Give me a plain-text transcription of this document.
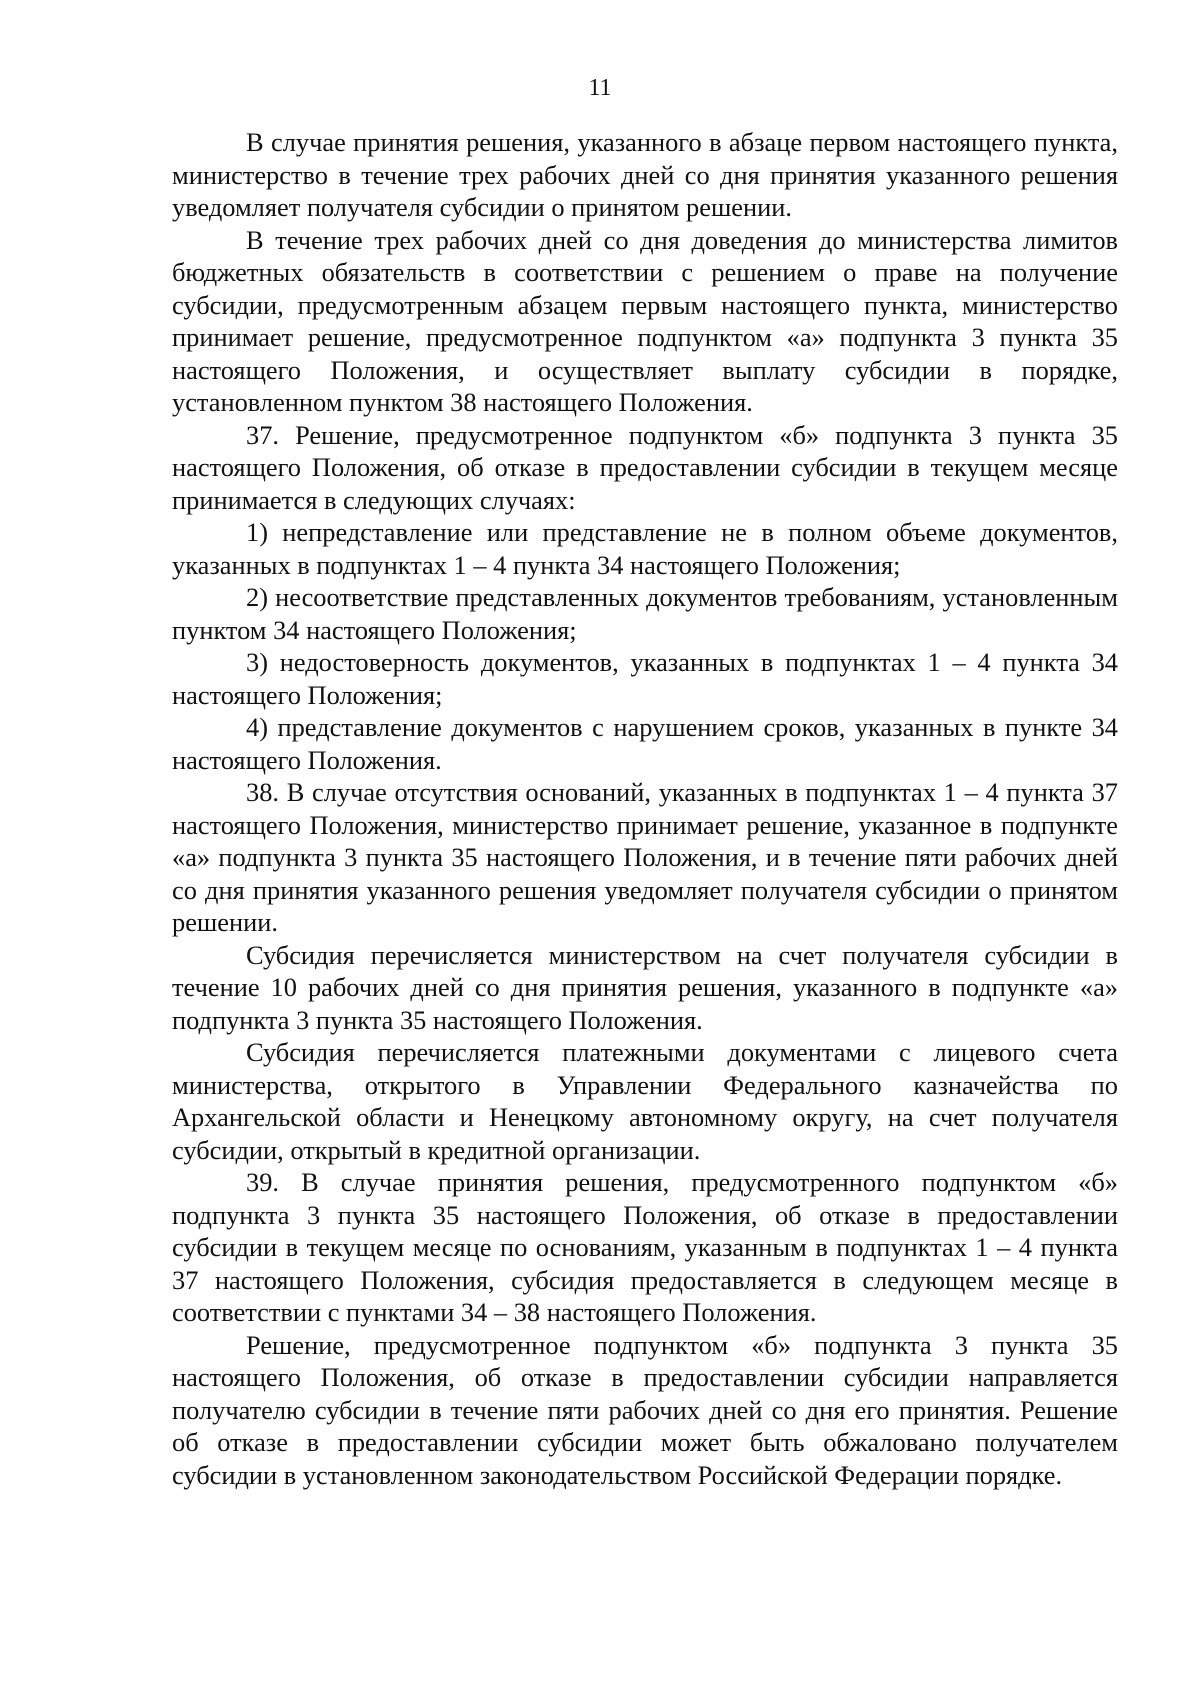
11

В случае принятия решения, указанного в абзаце первом настоящего пункта, министерство в течение трех рабочих дней со дня принятия указанного решения уведомляет получателя субсидии о принятом решении.

В течение трех рабочих дней со дня доведения до министерства лимитов бюджетных обязательств в соответствии с решением о праве на получение субсидии, предусмотренным абзацем первым настоящего пункта, министерство принимает решение, предусмотренное подпунктом «а» подпункта 3 пункта 35 настоящего Положения, и осуществляет выплату субсидии в порядке, установленном пунктом 38 настоящего Положения.

37. Решение, предусмотренное подпунктом «б» подпункта 3 пункта 35 настоящего Положения, об отказе в предоставлении субсидии в текущем месяце принимается в следующих случаях:

1) непредставление или представление не в полном объеме документов, указанных в подпунктах 1 – 4 пункта 34 настоящего Положения;

2) несоответствие представленных документов требованиям, установленным пунктом 34 настоящего Положения;

3) недостоверность документов, указанных в подпунктах 1 – 4 пункта 34 настоящего Положения;

4) представление документов с нарушением сроков, указанных в пункте 34 настоящего Положения.

38. В случае отсутствия оснований, указанных в подпунктах 1 – 4 пункта 37 настоящего Положения, министерство принимает решение, указанное в подпункте «а» подпункта 3 пункта 35 настоящего Положения, и в течение пяти рабочих дней со дня принятия указанного решения уведомляет получателя субсидии о принятом решении.

Субсидия перечисляется министерством на счет получателя субсидии в течение 10 рабочих дней со дня принятия решения, указанного в подпункте «а» подпункта 3 пункта 35 настоящего Положения.

Субсидия перечисляется платежными документами с лицевого счета министерства, открытого в Управлении Федерального казначейства по Архангельской области и Ненецкому автономному округу, на счет получателя субсидии, открытый в кредитной организации.

39. В случае принятия решения, предусмотренного подпунктом «б» подпункта 3 пункта 35 настоящего Положения, об отказе в предоставлении субсидии в текущем месяце по основаниям, указанным в подпунктах 1 – 4 пункта 37 настоящего Положения, субсидия предоставляется в следующем месяце в соответствии с пунктами 34 – 38 настоящего Положения.

Решение, предусмотренное подпунктом «б» подпункта 3 пункта 35 настоящего Положения, об отказе в предоставлении субсидии направляется получателю субсидии в течение пяти рабочих дней со дня его принятия. Решение об отказе в предоставлении субсидии может быть обжаловано получателем субсидии в установленном законодательством Российской Федерации порядке.
